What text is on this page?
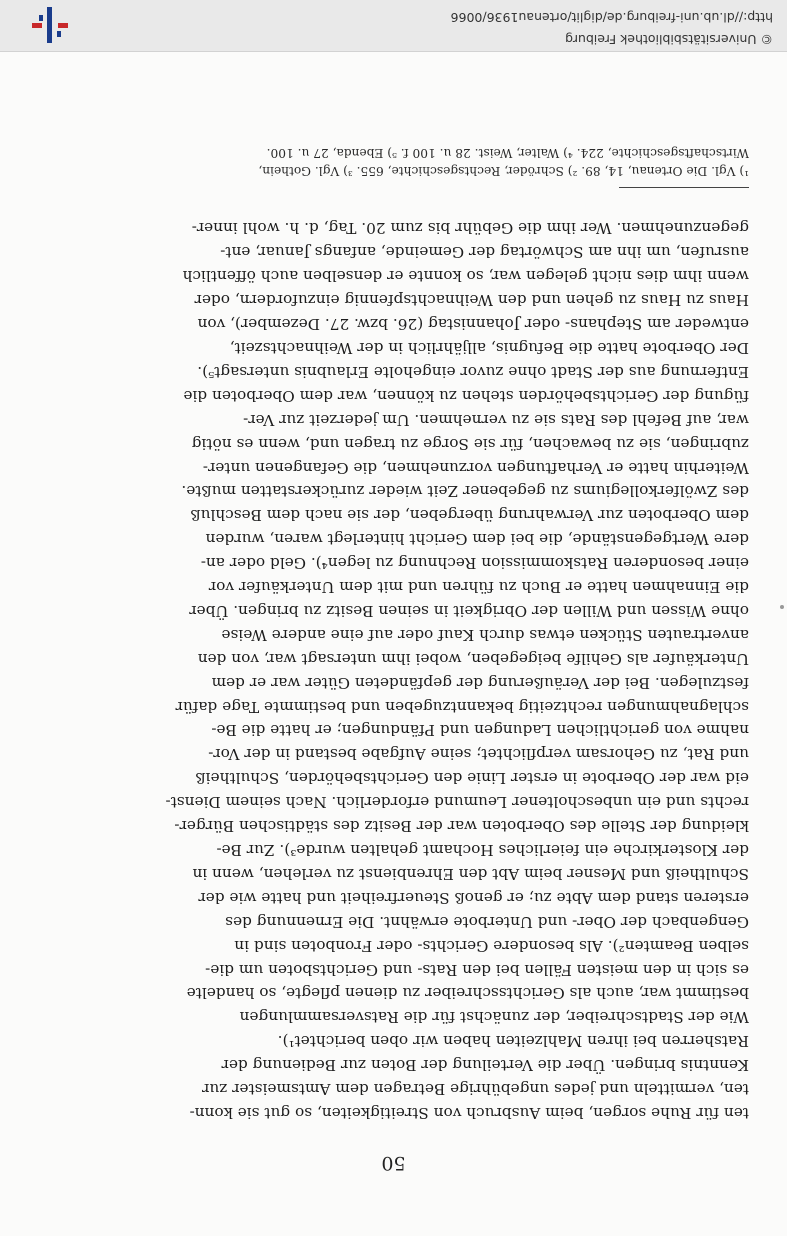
50
ten für Ruhe sorgen, beim Ausbruch von Streitigkeiten, so gut sie konn-
ten, vermitteln und jedes ungebührige Betragen dem Amtsmeister zur
Kenntnis bringen. Über die Verteilung der Boten zur Bedienung der
Ratsherren bei ihren Mahlzeiten haben wir oben berichtet¹).
Wie der Stadtschreiber, der zunächst für die Ratsversammlungen
bestimmt war, auch als Gerichtsschreiber zu dienen pflegte, so handelte
es sich in den meisten Fällen bei den Rats- und Gerichtsboten um die-
selben Beamten²). Als besondere Gerichts- oder Fronboten sind in
Gengenbach der Ober- und Unterbote erwähnt. Die Ernennung des
ersteren stand dem Abte zu; er genoß Steuerfreiheit und hatte wie der
Schultheiß und Mesner beim Abt den Ehrenbienst zu verlehen, wenn in
der Klosterkirche ein feierliches Hochamt gehalten wurde³). Zur Be-
kleidung der Stelle des Oberboten war der Besitz des städtischen Bürger-
rechts und ein unbescholtener Leumund erforderlich. Nach seinem Dienst-
eid war der Oberbote in erster Linie den Gerichtsbehörden, Schultheiß
und Rat, zu Gehorsam verpflichtet; seine Aufgabe bestand in der Vor-
nahme von gerichtlichen Ladungen und Pfändungen; er hatte die Be-
schlagnahmungen rechtzeitig bekanntzugeben und bestimmte Tage dafür
festzulegen. Bei der Veräußerung der gepfändeten Güter war er dem
Unterkäufer als Gehilfe beigegeben, wobei ihm untersagt war, von den
anvertrauten Stücken etwas durch Kauf oder auf eine andere Weise
ohne Wissen und Willen der Obrigkeit in seinen Besitz zu bringen. Über
die Einnahmen hatte er Buch zu führen und mit dem Unterkäufer vor
einer besonderen Ratskommission Rechnung zu legen⁴). Geld oder an-
dere Wertgegenstände, die bei dem Gericht hinterlegt waren, wurden
dem Oberboten zur Verwahrung übergeben, der sie nach dem Beschluß
des Zwölferkollegiums zu gegebener Zeit wieder zurückerstatten mußte.
Weiterhin hatte er Verhaftungen vorzunehmen, die Gefangenen unter-
zubringen, sie zu bewachen, für sie Sorge zu tragen und, wenn es nötig
war, auf Befehl des Rats sie zu vernehmen. Um jederzeit zur Ver-
fügung der Gerichtsbehörden stehen zu können, war dem Oberboten die
Entfernung aus der Stadt ohne zuvor eingeholte Erlaubnis untersagt⁵).
Der Oberbote hatte die Befugnis, alljährlich in der Weihnachtszeit,
entweder am Stephans- oder Johannistag (26. bzw. 27. Dezember), von
Haus zu Haus zu gehen und den Weihnachtspfennig einzufordern, oder
wenn ihm dies nicht gelegen war, so konnte er denselben auch öffentlich
ausrufen, um ihn am Schwörtag der Gemeinde, anfangs Januar, ent-
gegenzunehmen. Wer ihm die Gebühr bis zum 20. Tag, d. h. wohl inner-
¹) Vgl. Die Ortenau, 14, 89. ²) Schröder, Rechtsgeschichte, 655. ³) Vgl. Gothein,
Wirtschaftsgeschichte, 224. ⁴) Walter, Weist. 28 u. 100 f. ⁵) Ebenda, 27 u. 100.
© Universitätsbibliothek Freiburg
http://dl.ub.uni-freiburg.de/diglit/ortenau1936/0066
